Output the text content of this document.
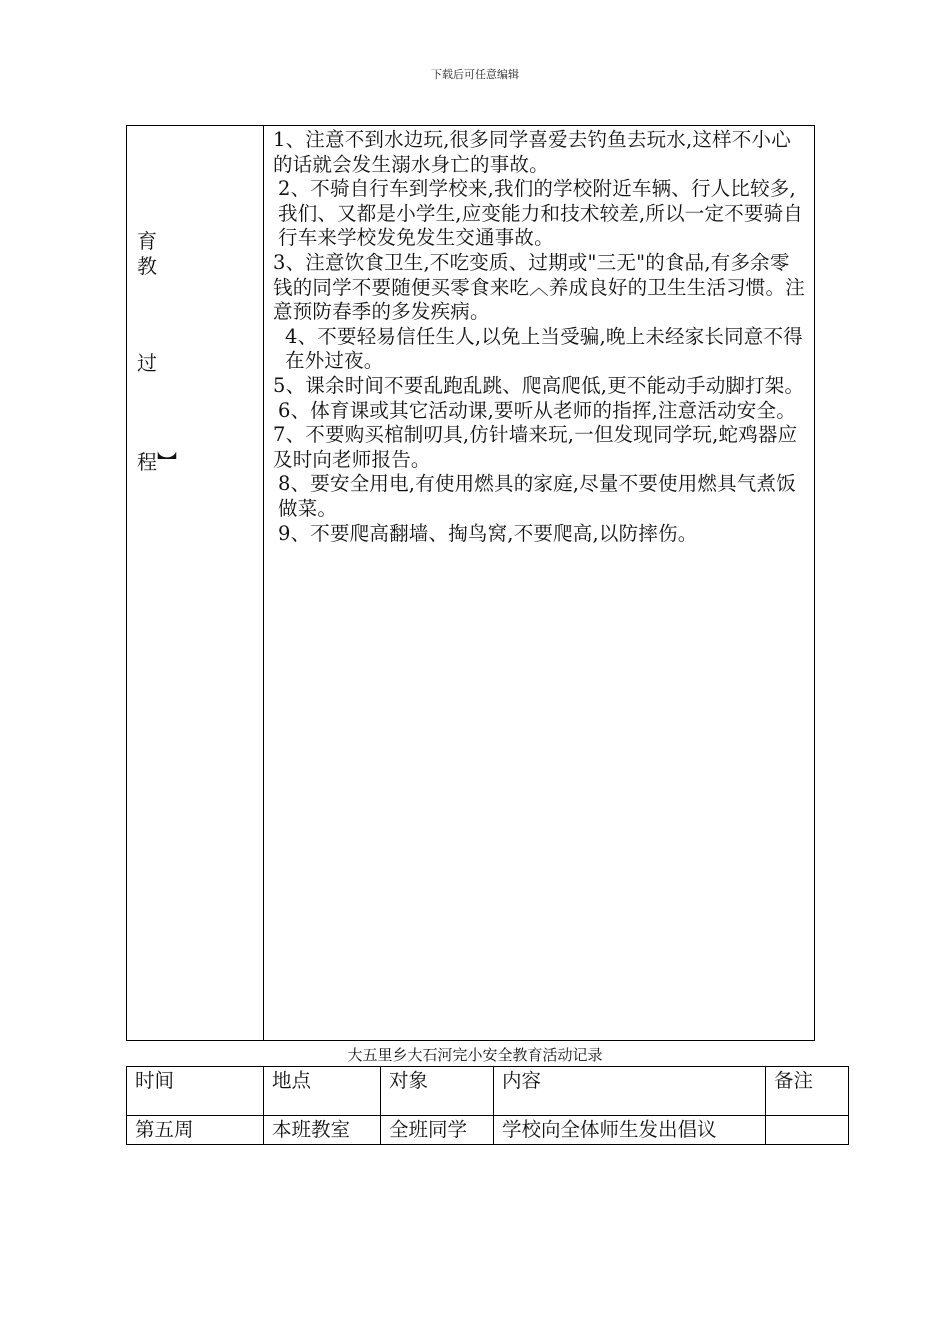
下载后可任意编辑
教
育
过
程︼

1、注意不到水边玩,很多同学喜爱去钓鱼去玩水,这样不小心的话就会发生溺水身亡的事故。

2、不骑自行车到学校来,我们的学校附近车辆、行人比较多,我们、又都是小学生,应变能力和技术较差,所以一定不要骑自行车来学校发免发生交通事故。

3、注意饮食卫生,不吃变质、过期或"三无"的食品,有多余零钱的同学不要随便买零食来吃︿养成良好的卫生生活习惯。注意预防春季的多发疾病。

4、不要轻易信任生人,以免上当受骗,晚上未经家长同意不得在外过夜。

5、课余时间不要乱跑乱跳、爬高爬低,更不能动手动脚打架。

6、体育课或其它活动课,要听从老师的指挥,注意活动安全。

7、不要购买棺制叨具,仿针墙来玩,一但发现同学玩,蛇鸡器应及时向老师报告。

8、要安全用电,有使用燃具的家庭,尽量不要使用燃具气煮饭做菜。

9、不要爬高翻墙、掏鸟窝,不要爬高,以防摔伤。

大五里乡大石河完小安全教育活动记录
时间	地点	对象	内容	备注
第五周	本班教室	全班同学	学校向全体师生发出倡议	
